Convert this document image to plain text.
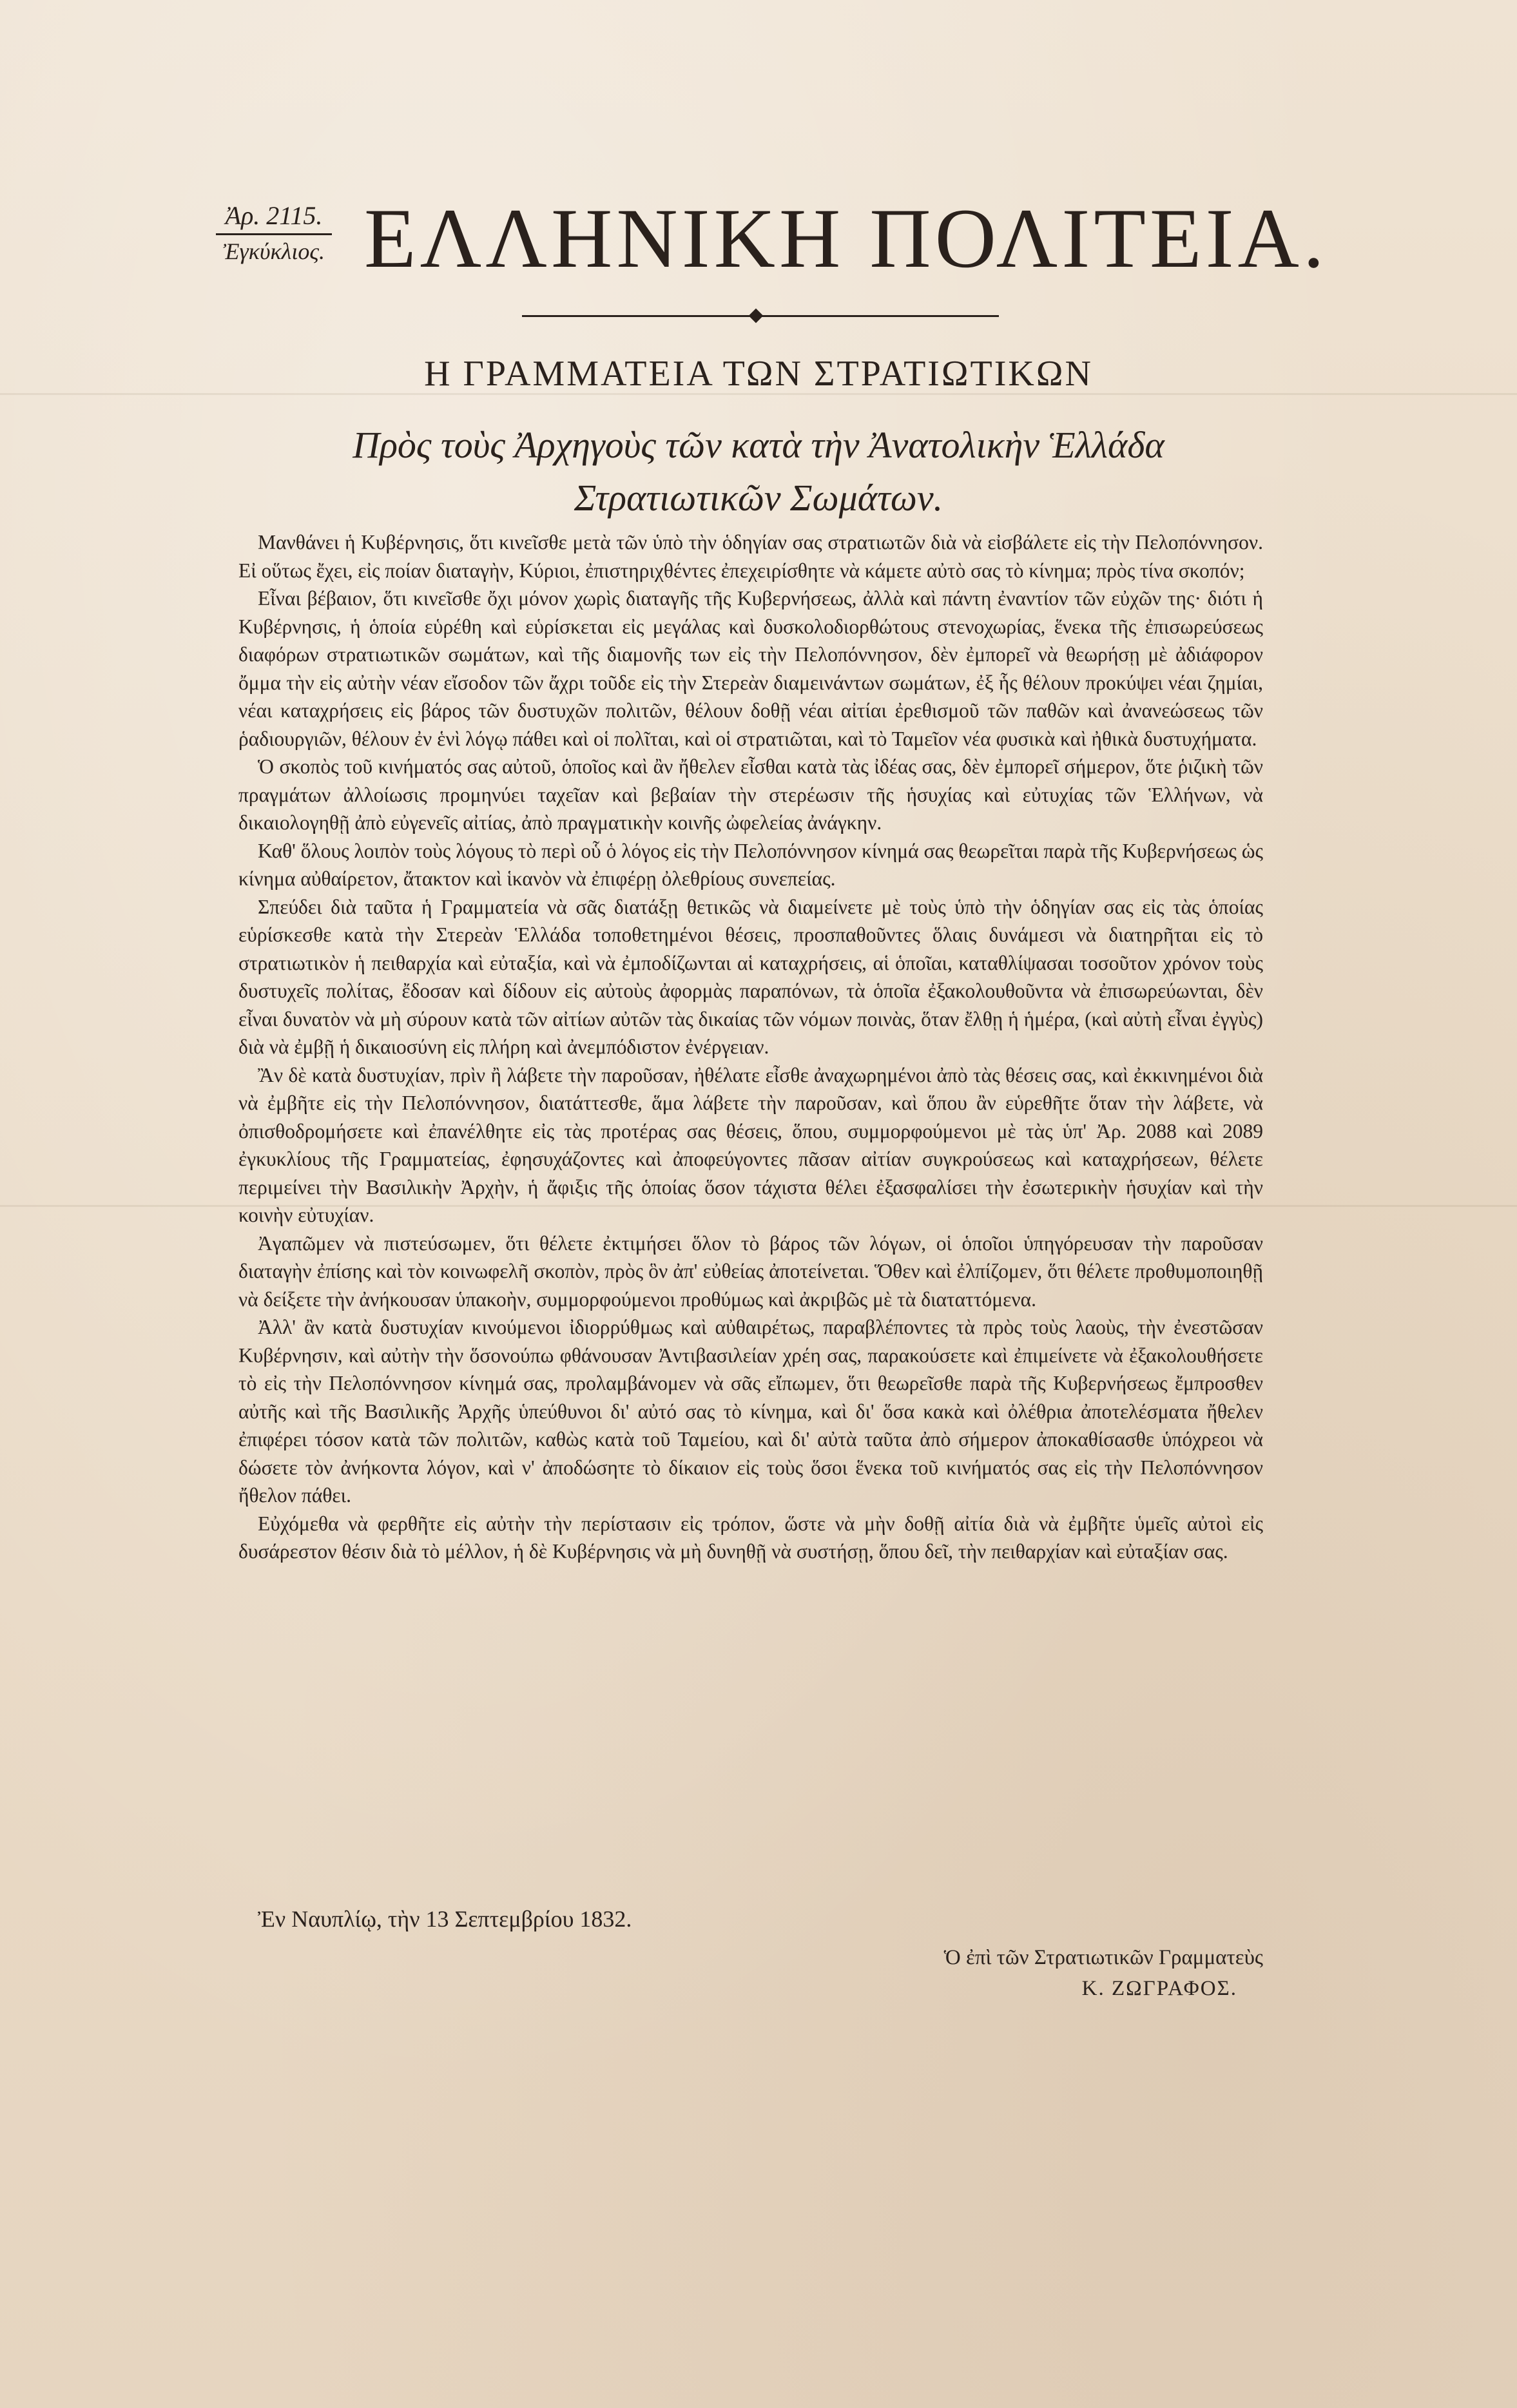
Ἀρ. 2115.
Ἐγκύκλιος. ΕΛΛΗΝΙΚΗ ΠΟΛΙΤΕΙΑ.
Η ΓΡΑΜΜΑΤΕΙΑ ΤΩΝ ΣΤΡΑΤΙΩΤΙΚΩΝ
Πρὸς τοὺς Ἀρχηγοὺς τῶν κατὰ τὴν Ἀνατολικὴν Ἑλλάδα
Στρατιωτικῶν Σωμάτων.

Μανθάνει ἡ Κυβέρνησις, ὅτι κινεῖσθε μετὰ τῶν ὑπὸ τὴν ὁδηγίαν σας στρατιωτῶν διὰ νὰ εἰσβάλετε εἰς τὴν Πελοπόννησον. Εἰ οὕτως ἔχει, εἰς ποίαν διαταγὴν, Κύριοι, ἐπιστηριχθέντες ἐπεχειρίσθητε νὰ κάμετε αὐτὸ σας τὸ κίνημα; πρὸς τίνα σκοπόν;

Εἶναι βέβαιον, ὅτι κινεῖσθε ὄχι μόνον χωρὶς διαταγῆς τῆς Κυβερνήσεως, ἀλλὰ καὶ πάντη ἐναντίον τῶν εὐχῶν της· διότι ἡ Κυβέρνησις, ἡ ὁποία εὑρέθη καὶ εὑρίσκεται εἰς μεγάλας καὶ δυσκολοδιορθώτους στενοχωρίας, ἕνεκα τῆς ἐπισωρεύσεως διαφόρων στρατιωτικῶν σωμάτων, καὶ τῆς διαμονῆς των εἰς τὴν Πελοπόννησον, δὲν ἐμπορεῖ νὰ θεωρήσῃ μὲ ἀδιάφορον ὄμμα τὴν εἰς αὐτὴν νέαν εἴσοδον τῶν ἄχρι τοῦδε εἰς τὴν Στερεὰν διαμεινάντων σωμάτων, ἐξ ἧς θέλουν προκύψει νέαι ζημίαι, νέαι καταχρήσεις εἰς βάρος τῶν δυστυχῶν πολιτῶν, θέλουν δοθῇ νέαι αἰτίαι ἐρεθισμοῦ τῶν παθῶν καὶ ἀνανεώσεως τῶν ῥαδιουργιῶν, θέλουν ἐν ἑνὶ λόγῳ πάθει καὶ οἱ πολῖται, καὶ οἱ στρατιῶται, καὶ τὸ Ταμεῖον νέα φυσικὰ καὶ ἠθικὰ δυστυχήματα.

Ὁ σκοπὸς τοῦ κινήματός σας αὐτοῦ, ὁποῖος καὶ ἂν ἤθελεν εἶσθαι κατὰ τὰς ἰδέας σας, δὲν ἐμπορεῖ σήμερον, ὅτε ῥιζικὴ τῶν πραγμάτων ἀλλοίωσις προμηνύει ταχεῖαν καὶ βεβαίαν τὴν στερέωσιν τῆς ἡσυχίας καὶ εὐτυχίας τῶν Ἑλλήνων, νὰ δικαιολογηθῇ ἀπὸ εὐγενεῖς αἰτίας, ἀπὸ πραγματικὴν κοινῆς ὠφελείας ἀνάγκην.

Καθ' ὅλους λοιπὸν τοὺς λόγους τὸ περὶ οὗ ὁ λόγος εἰς τὴν Πελοπόννησον κίνημά σας θεωρεῖται παρὰ τῆς Κυβερνήσεως ὡς κίνημα αὐθαίρετον, ἄτακτον καὶ ἱκανὸν νὰ ἐπιφέρῃ ὀλεθρίους συνεπείας.

Σπεύδει διὰ ταῦτα ἡ Γραμματεία νὰ σᾶς διατάξῃ θετικῶς νὰ διαμείνετε μὲ τοὺς ὑπὸ τὴν ὁδηγίαν σας εἰς τὰς ὁποίας εὑρίσκεσθε κατὰ τὴν Στερεὰν Ἑλλάδα τοποθετημένοι θέσεις, προσπαθοῦντες ὅλαις δυνάμεσι νὰ διατηρῆται εἰς τὸ στρατιωτικὸν ἡ πειθαρχία καὶ εὐταξία, καὶ νὰ ἐμποδίζωνται αἱ καταχρήσεις, αἱ ὁποῖαι, καταθλίψασαι τοσοῦτον χρόνον τοὺς δυστυχεῖς πολίτας, ἔδοσαν καὶ δίδουν εἰς αὐτοὺς ἀφορμὰς παραπόνων, τὰ ὁποῖα ἐξακολουθοῦντα νὰ ἐπισωρεύωνται, δὲν εἶναι δυνατὸν νὰ μὴ σύρουν κατὰ τῶν αἰτίων αὐτῶν τὰς δικαίας τῶν νόμων ποινὰς, ὅταν ἔλθῃ ἡ ἡμέρα, (καὶ αὐτὴ εἶναι ἐγγὺς) διὰ νὰ ἐμβῇ ἡ δικαιοσύνη εἰς πλήρη καὶ ἀνεμπόδιστον ἐνέργειαν.

Ἂν δὲ κατὰ δυστυχίαν, πρὶν ἢ λάβετε τὴν παροῦσαν, ἠθέλατε εἶσθε ἀναχωρημένοι ἀπὸ τὰς θέσεις σας, καὶ ἐκκινημένοι διὰ νὰ ἐμβῆτε εἰς τὴν Πελοπόννησον, διατάττεσθε, ἅμα λάβετε τὴν παροῦσαν, καὶ ὅπου ἂν εὑρεθῆτε ὅταν τὴν λάβετε, νὰ ὀπισθοδρομήσετε καὶ ἐπανέλθητε εἰς τὰς προτέρας σας θέσεις, ὅπου, συμμορφούμενοι μὲ τὰς ὑπ' Ἀρ. 2088 καὶ 2089 ἐγκυκλίους τῆς Γραμματείας, ἐφησυχάζοντες καὶ ἀποφεύγοντες πᾶσαν αἰτίαν συγκρούσεως καὶ καταχρήσεων, θέλετε περιμείνει τὴν Βασιλικὴν Ἀρχὴν, ἡ ἄφιξις τῆς ὁποίας ὅσον τάχιστα θέλει ἐξασφαλίσει τὴν ἐσωτερικὴν ἡσυχίαν καὶ τὴν κοινὴν εὐτυχίαν.

Ἀγαπῶμεν νὰ πιστεύσωμεν, ὅτι θέλετε ἐκτιμήσει ὅλον τὸ βάρος τῶν λόγων, οἱ ὁποῖοι ὑπηγόρευσαν τὴν παροῦσαν διαταγὴν ἐπίσης καὶ τὸν κοινωφελῆ σκοπὸν, πρὸς ὃν ἀπ' εὐθείας ἀποτείνεται. Ὅθεν καὶ ἐλπίζομεν, ὅτι θέλετε προθυμοποιηθῇ νὰ δείξετε τὴν ἀνήκουσαν ὑπακοὴν, συμμορφούμενοι προθύμως καὶ ἀκριβῶς μὲ τὰ διαταττόμενα.

Ἀλλ' ἂν κατὰ δυστυχίαν κινούμενοι ἰδιορρύθμως καὶ αὐθαιρέτως, παραβλέποντες τὰ πρὸς τοὺς λαοὺς, τὴν ἐνεστῶσαν Κυβέρνησιν, καὶ αὐτὴν τὴν ὅσονούπω φθάνουσαν Ἀντιβασιλείαν χρέη σας, παρακούσετε καὶ ἐπιμείνετε νὰ ἐξακολουθήσετε τὸ εἰς τὴν Πελοπόννησον κίνημά σας, προλαμβάνομεν νὰ σᾶς εἴπωμεν, ὅτι θεωρεῖσθε παρὰ τῆς Κυβερνήσεως ἔμπροσθεν αὐτῆς καὶ τῆς Βασιλικῆς Ἀρχῆς ὑπεύθυνοι δι' αὐτό σας τὸ κίνημα, καὶ δι' ὅσα κακὰ καὶ ὀλέθρια ἀποτελέσματα ἤθελεν ἐπιφέρει τόσον κατὰ τῶν πολιτῶν, καθὼς κατὰ τοῦ Ταμείου, καὶ δι' αὐτὰ ταῦτα ἀπὸ σήμερον ἀποκαθίσασθε ὑπόχρεοι νὰ δώσετε τὸν ἀνήκοντα λόγον, καὶ ν' ἀποδώσητε τὸ δίκαιον εἰς τοὺς ὅσοι ἕνεκα τοῦ κινήματός σας εἰς τὴν Πελοπόννησον ἤθελον πάθει.

Εὐχόμεθα νὰ φερθῆτε εἰς αὐτὴν τὴν περίστασιν εἰς τρόπον, ὥστε νὰ μὴν δοθῇ αἰτία διὰ νὰ ἐμβῆτε ὑμεῖς αὐτοὶ εἰς δυσάρεστον θέσιν διὰ τὸ μέλλον, ἡ δὲ Κυβέρνησις νὰ μὴ δυνηθῇ νὰ συστήσῃ, ὅπου δεῖ, τὴν πειθαρχίαν καὶ εὐταξίαν σας.

Ἐν Ναυπλίῳ, τὴν 13 Σεπτεμβρίου 1832.
Ὁ ἐπὶ τῶν Στρατιωτικῶν Γραμματεὺς
Κ. ΖΩΓΡΑΦΟΣ.
